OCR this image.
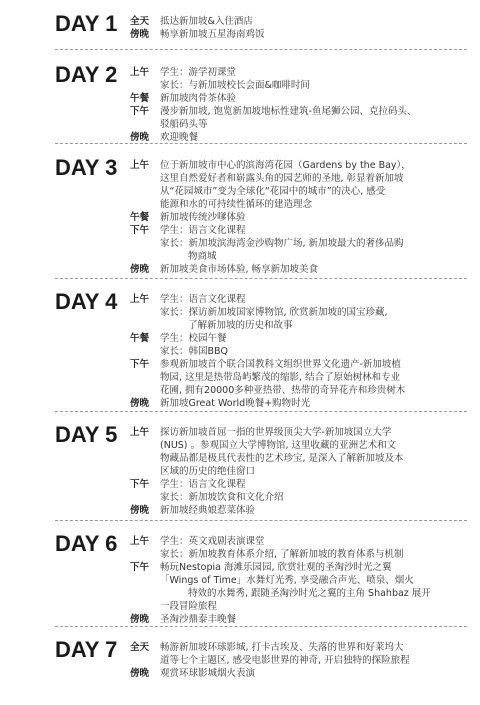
DAY 1 全天	抵达新加坡&入住酒店
傍晚	畅享新加坡五星海南鸡饭
DAY 2 上午	学生：游学初课堂
家长：与新加坡校长会面&咖啡时间
午餐	新加坡肉骨茶体验
下午	漫步新加坡, 饱览新加坡地标性建筑-鱼尾狮公园、克拉码头、
驳船码头等
傍晚	欢迎晚餐
DAY 3 上午	位于新加坡市中心的滨海湾花园（Gardens by the Bay），
这里自然爱好者和崭露头角的园艺师的圣地, 彰显着新加坡
从“花园城市”变为全球化“花园中的城市”的决心, 感受
能源和水的可持续性循环的建造理念
午餐	新加坡传统沙嗲体验
下午	学生：语言文化课程
家长：新加坡滨海湾金沙购物广场, 新加坡最大的奢侈品购
物商城
傍晚	新加坡美食市场体验, 畅享新加坡美食
DAY 4 上午	学生：语言文化课程
家长：探访新加坡国家博物馆, 欣赏新加坡的国宝珍藏,
了解新加坡的历史和故事
午餐	学生：校园午餐
家长：韩国BBQ
下午	参观新加坡首个联合国教科文组织世界文化遗产-新加坡植
物园, 这里是热带岛屿繁茂的缩影, 结合了原始树林和专业
花圃, 拥有20000多种亚热带、热带的奇异花卉和珍贵树木
傍晚	新加坡Great World晚餐+购物时光
DAY 5 上午	探访新加坡首屈一指的世界级顶尖大学-新加坡国立大学
(NUS) 。参观国立大学博物馆, 这里收藏的亚洲艺术和文
物藏品都是极具代表性的艺术珍宝, 是深入了解新加坡及本
区域的历史的绝佳窗口
下午	学生：语言文化课程
家长：新加坡饮食和文化介绍
傍晚	新加坡经典娘惹菜体验
DAY 6 上午	学生：英文戏剧表演课堂
家长：新加坡教育体系介绍, 了解新加坡的教育体系与机制
下午	畅玩Nestopia 海滩乐园园, 欣赏壮观的圣淘沙时光之翼
「Wings of Time」水舞灯光秀, 享受融合声光、喷泉、烟火
特效的水舞秀, 跟随圣淘沙时光之翼的主角 Shahbaz 展开
一段冒险旅程
傍晚	圣淘沙鼎泰丰晚餐
DAY 7 全天	畅游新加坡环球影城, 打卡古埃及、失落的世界和好莱坞大
道等七个主题区, 感受电影世界的神奇, 开启独特的探险旅程
傍晚	观赏环球影城烟火表演
